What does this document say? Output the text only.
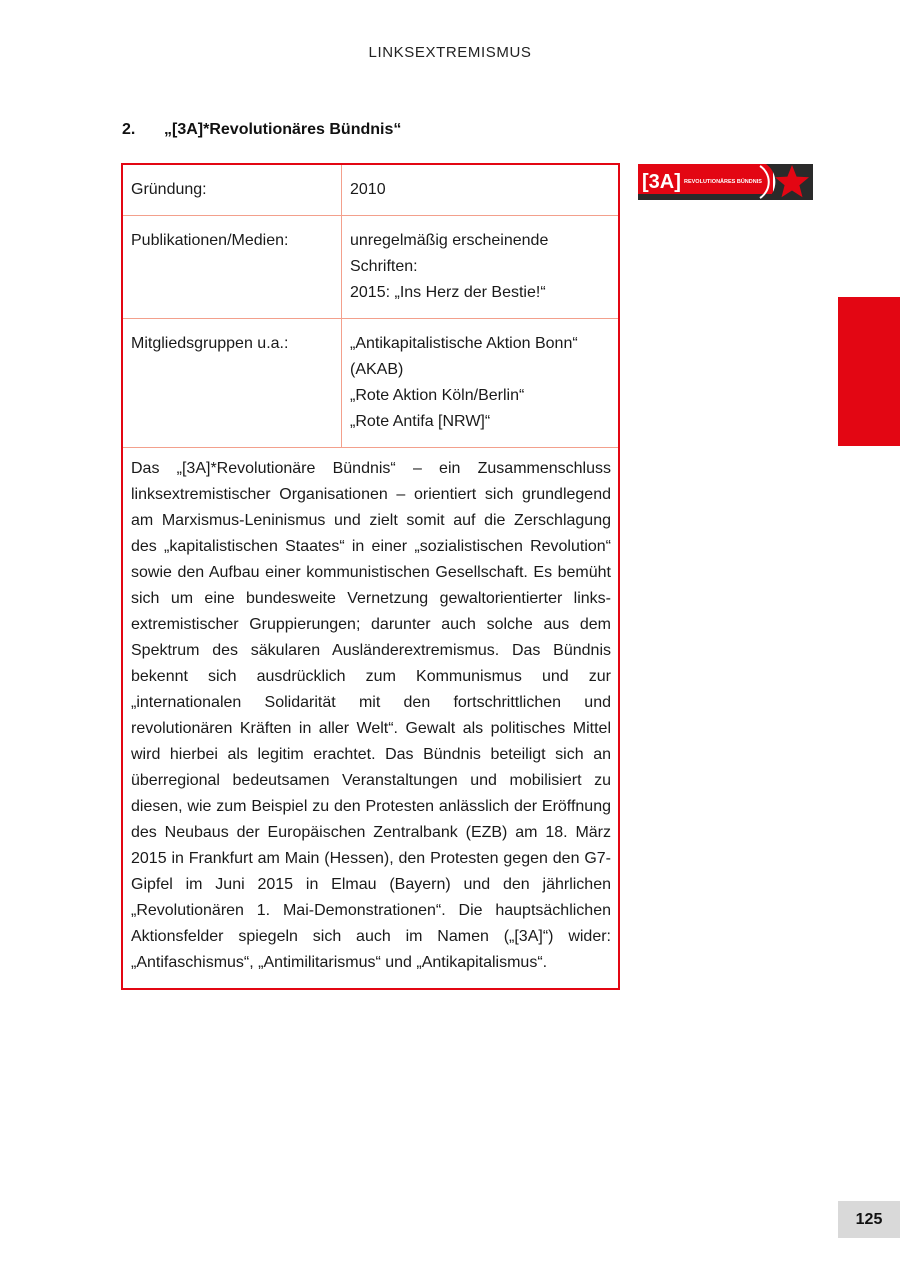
LINKSEXTREMISMUS
2. „[3A]*Revolutionäres Bündnis“
Gründung:	2010

Publikationen/Medien:	unregelmäßig erscheinende
Schriften:
2015: „Ins Herz der Bestie!“

Mitgliedsgruppen u.a.:	„Antikapitalistische Aktion Bonn“
(AKAB)
„Rote Aktion Köln/Berlin“
„Rote Antifa [NRW]“
Das „[3A]*Revolutionäre Bündnis“ – ein Zusammenschluss linksextremistischer Organisationen – orientiert sich grundlegend am Marxismus-Leninismus und zielt somit auf die Zerschlagung des „kapitalistischen Staates“ in einer „sozialistischen Revolution“ sowie den Aufbau einer kommunistischen Gesellschaft. Es bemüht sich um eine bundesweite Vernetzung gewaltorientierter linksextremistischer Gruppierungen; darunter auch solche aus dem Spektrum des säkularen Ausländerextremismus. Das Bündnis bekennt sich ausdrücklich zum Kommunismus und zur „internationalen Solidarität mit den fortschrittlichen und revolutionären Kräften in aller Welt“. Gewalt als politisches Mittel wird hierbei als legitim erachtet. Das Bündnis beteiligt sich an überregional bedeutsamen Veranstaltungen und mobilisiert zu diesen, wie zum Beispiel zu den Protesten anlässlich der Eröffnung des Neubaus der Europäischen Zentralbank (EZB) am 18. März 2015 in Frankfurt am Main (Hessen), den Protesten gegen den G7-Gipfel im Juni 2015 in Elmau (Bayern) und den jährlichen „Revolutionären 1. Mai-Demonstrationen“. Die hauptsächlichen Aktionsfelder spiegeln sich auch im Namen („[3A]“) wider: „Antifaschismus“, „Antimilitarismus“ und „Antikapitalismus“.
[3A] REVOLUTIONÄRES BÜNDNIS
125
